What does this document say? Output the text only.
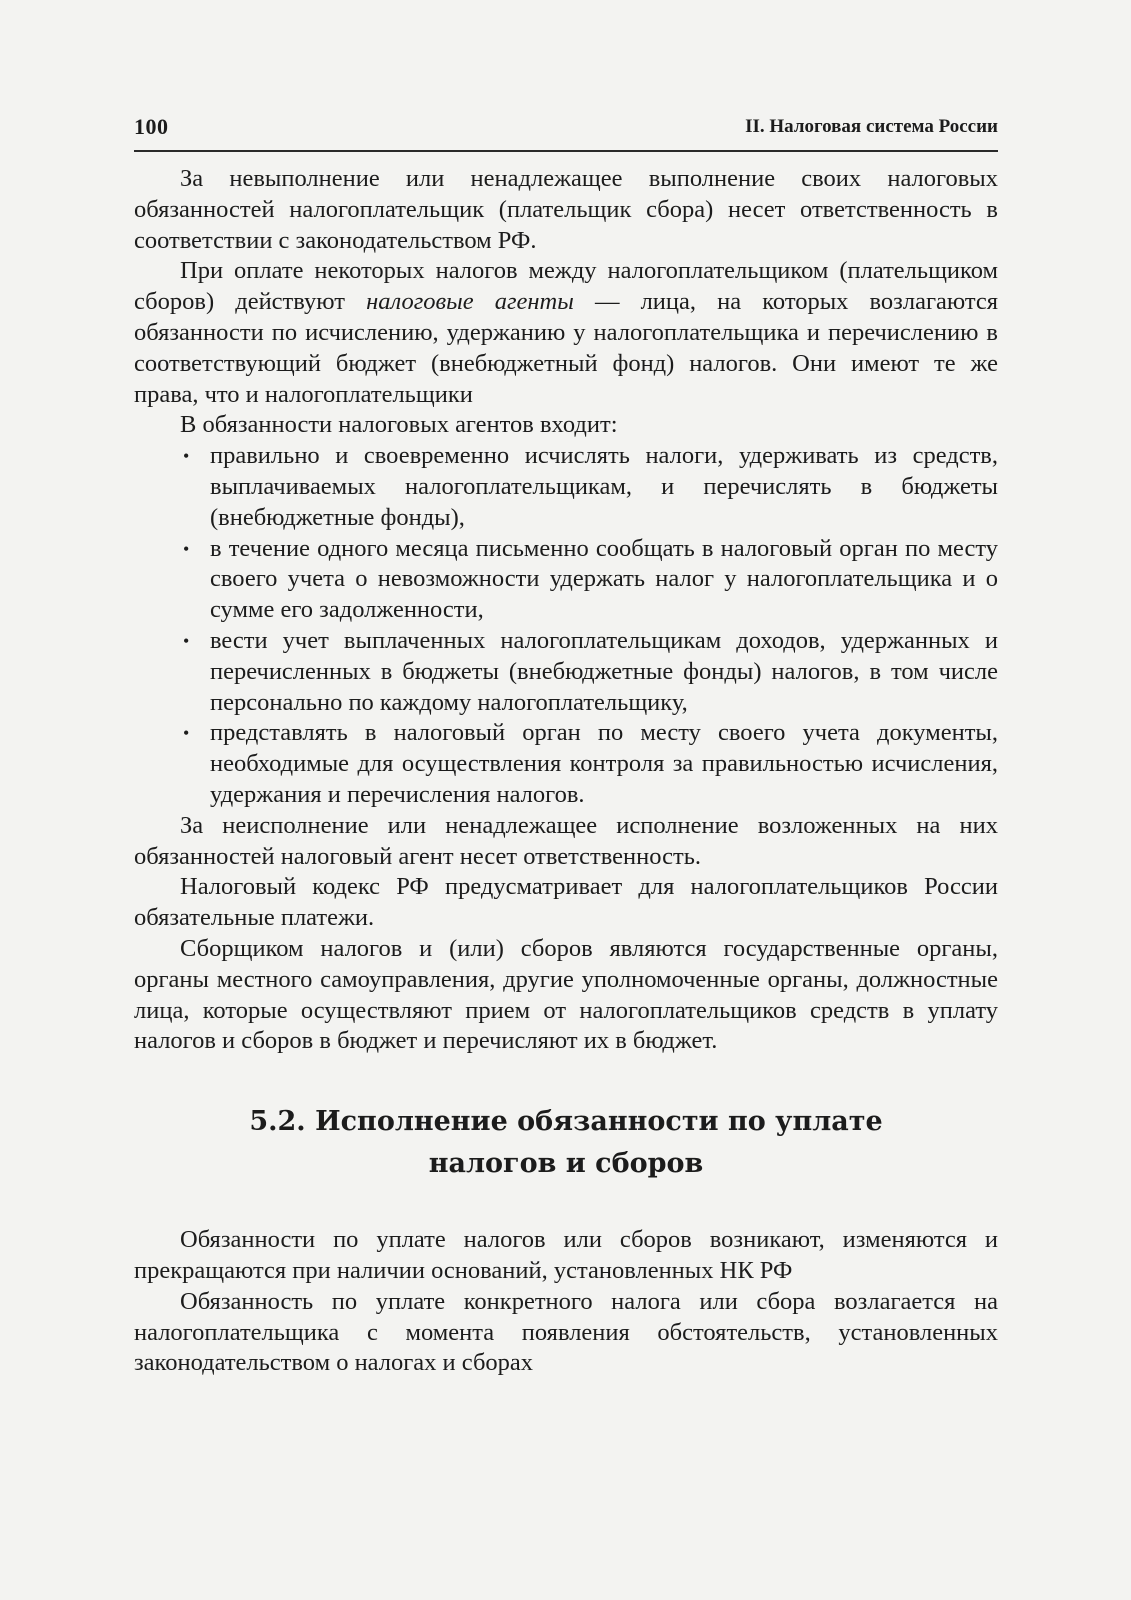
100	II. Налоговая система России

За невыполнение или ненадлежащее выполнение своих налоговых обязанностей налогоплательщик (плательщик сбора) несет ответственность в соответствии с законодательством РФ.

При оплате некоторых налогов между налогоплательщиком (плательщиком сборов) действуют налоговые агенты — лица, на которых возлагаются обязанности по исчислению, удержанию у налогоплательщика и перечислению в соответствующий бюджет (внебюджетный фонд) налогов. Они имеют те же права, что и налогоплательщики

В обязанности налоговых агентов входит:

• правильно и своевременно исчислять налоги, удерживать из средств, выплачиваемых налогоплательщикам, и перечислять в бюджеты (внебюджетные фонды),
• в течение одного месяца письменно сообщать в налоговый орган по месту своего учета о невозможности удержать налог у налогоплательщика и о сумме его задолженности,
• вести учет выплаченных налогоплательщикам доходов, удержанных и перечисленных в бюджеты (внебюджетные фонды) налогов, в том числе персонально по каждому налогоплательщику,
• представлять в налоговый орган по месту своего учета документы, необходимые для осуществления контроля за правильностью исчисления, удержания и перечисления налогов.

За неисполнение или ненадлежащее исполнение возложенных на них обязанностей налоговый агент несет ответственность.

Налоговый кодекс РФ предусматривает для налогоплательщиков России обязательные платежи.

Сборщиком налогов и (или) сборов являются государственные органы, органы местного самоуправления, другие уполномоченные органы, должностные лица, которые осуществляют прием от налогоплательщиков средств в уплату налогов и сборов в бюджет и перечисляют их в бюджет.

5.2. Исполнение обязанности по уплате
налогов и сборов

Обязанности по уплате налогов или сборов возникают, изменяются и прекращаются при наличии оснований, установленных НК РФ

Обязанность по уплате конкретного налога или сбора возлагается на налогоплательщика с момента появления обстоятельств, установленных законодательством о налогах и сборах
